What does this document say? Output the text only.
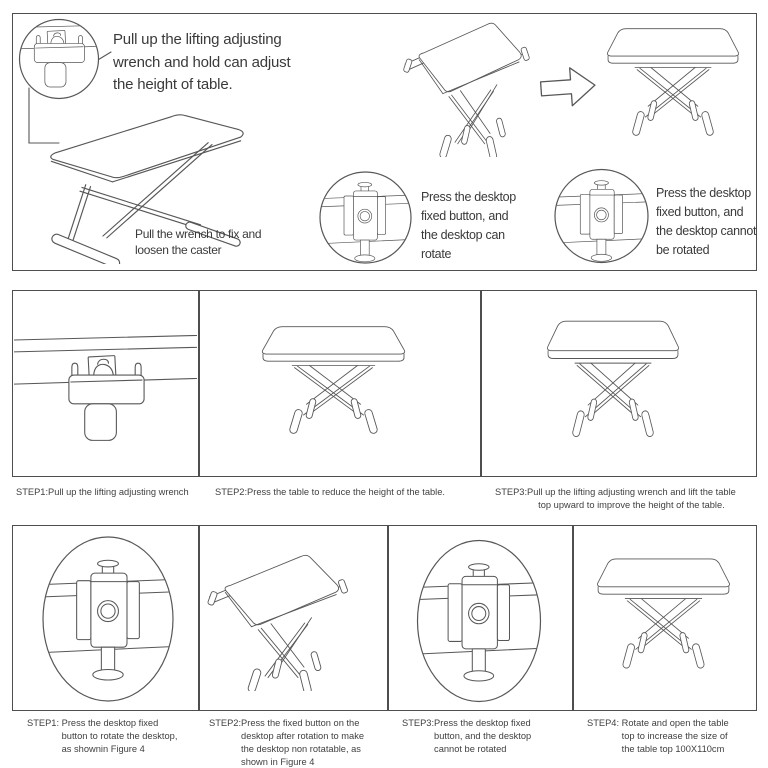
Pull up the lifting adjusting
wrench and hold can adjust
the height of table.
Pull the wrench to fix and
loosen the caster
Press the desktop
fixed button, and
the desktop can
rotate
Press the desktop
fixed button, and
the desktop cannot
be rotated
STEP1: Pull up the lifting adjusting wrench	STEP2: Press the table to reduce the height of the table.	STEP3: Pull up the lifting adjusting wrench and lift the table
top upward to improve the height of the table.
STEP1: Press the desktop fixed
button to rotate the desktop,
as shownin Figure 4
STEP2: Press the fixed button on the
desktop after rotation to make
the desktop non rotatable, as
shown in Figure 4
STEP3: Press the desktop fixed
button, and the desktop
cannot be rotated
STEP4: Rotate and open the table
top to increase the size of
the table top 100X110cm
